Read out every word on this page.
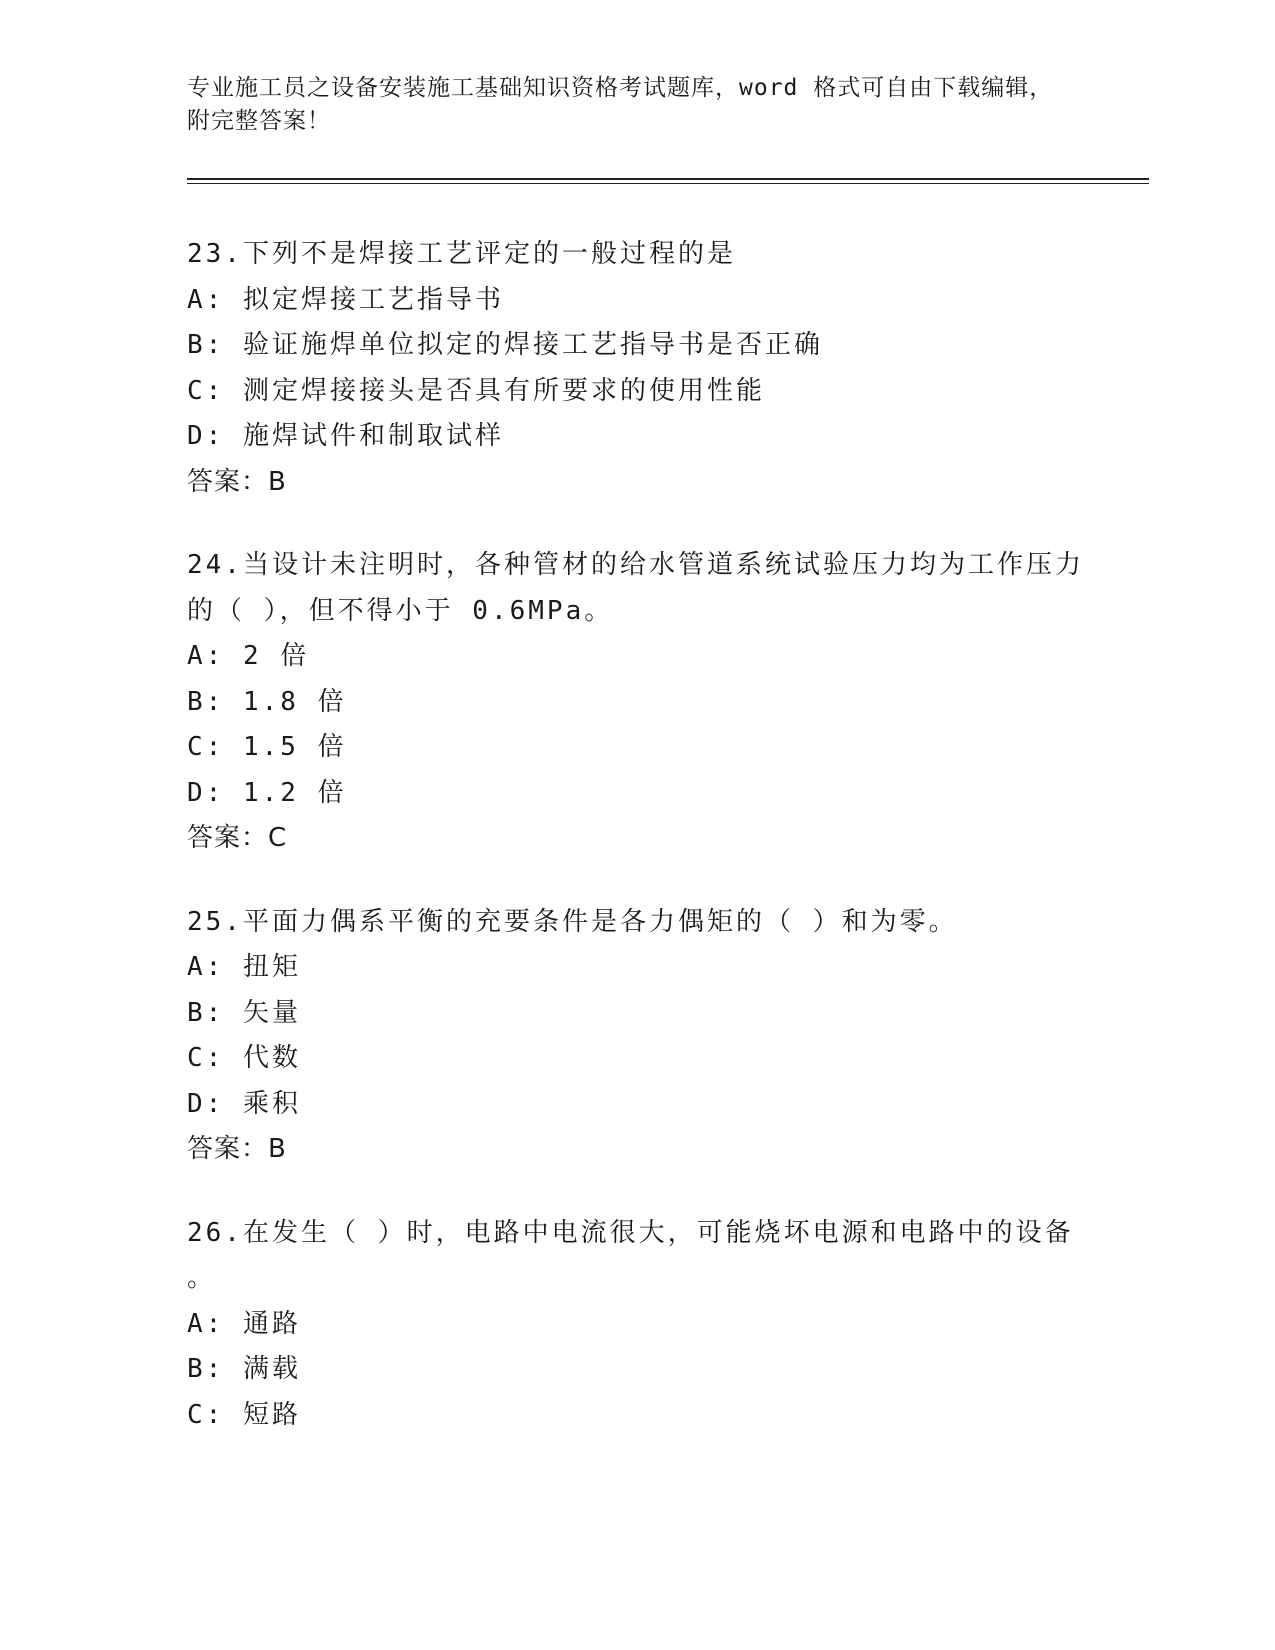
专业施工员之设备安装施工基础知识资格考试题库，word 格式可自由下载编辑，
附完整答案！
23.下列不是焊接工艺评定的一般过程的是
A: 拟定焊接工艺指导书
B: 验证施焊单位拟定的焊接工艺指导书是否正确
C: 测定焊接接头是否具有所要求的使用性能
D: 施焊试件和制取试样
答案：B
24.当设计未注明时，各种管材的给水管道系统试验压力均为工作压力
的（ ），但不得小于 0.6MPa。
A: 2 倍
B: 1.8 倍
C: 1.5 倍
D: 1.2 倍
答案：C
25.平面力偶系平衡的充要条件是各力偶矩的（ ）和为零。
A: 扭矩
B: 矢量
C: 代数
D: 乘积
答案：B
26.在发生（ ）时，电路中电流很大，可能烧坏电源和电路中的设备
。
A: 通路
B: 满载
C: 短路
